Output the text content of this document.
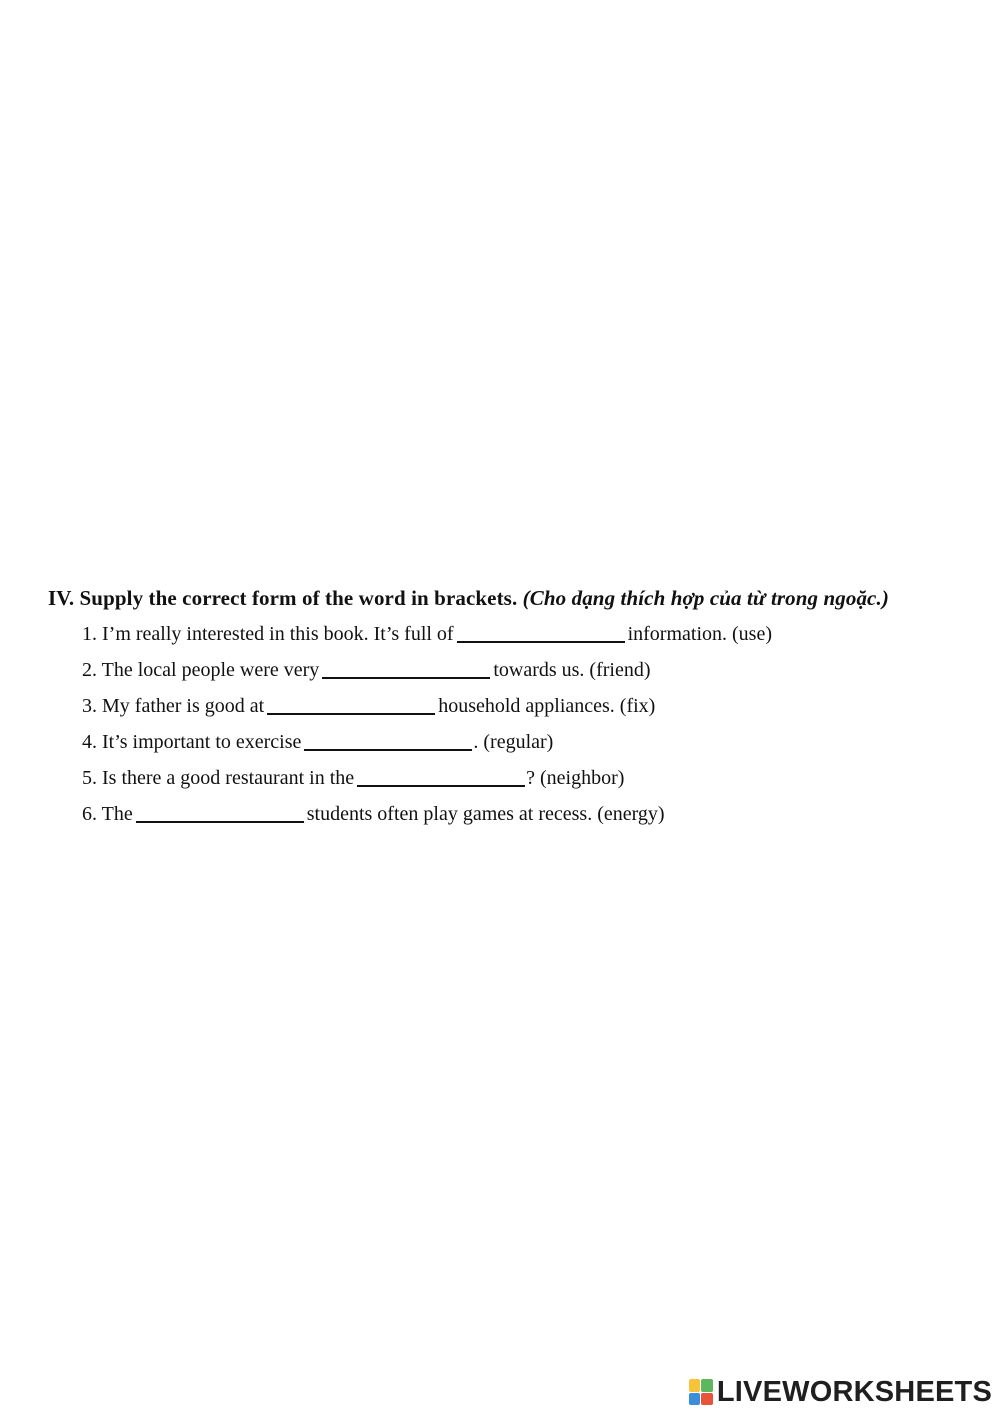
IV. Supply the correct form of the word in brackets. (Cho dạng thích hợp của từ trong ngoặc.)
1. I’m really interested in this book. It’s full of	information. (use)
2. The local people were very	towards us. (friend)
3. My father is good at	household appliances. (fix)
4. It’s important to exercise	. (regular)
5. Is there a good restaurant in the	? (neighbor)
6. The	students often play games at recess. (energy)
LIVEWORKSHEETS
